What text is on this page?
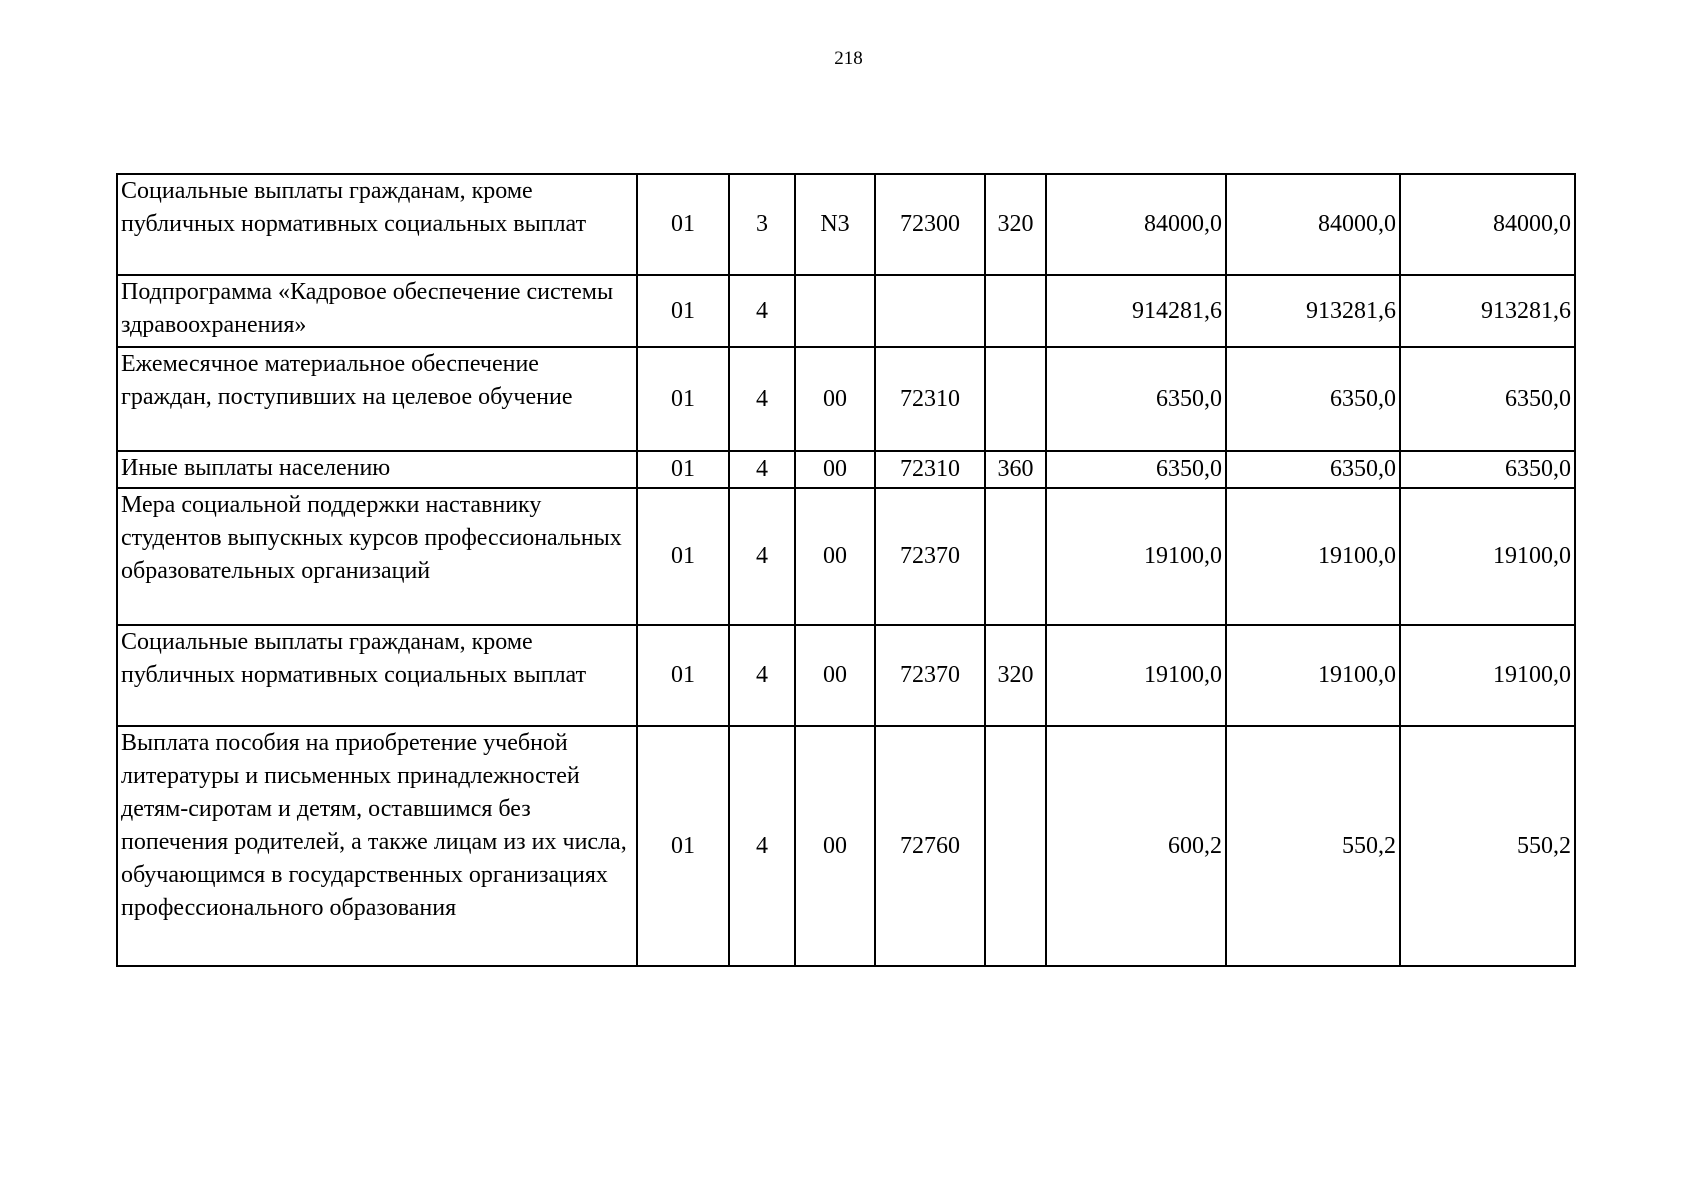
218
Социальные выплаты гражданам, кроме публичных нормативных социальных выплат	01	3	N3	72300	320	84000,0	84000,0	84000,0
Подпрограмма «Кадровое обеспечение системы здравоохранения»	01	4				914281,6	913281,6	913281,6
Ежемесячное материальное обеспечение граждан, поступивших на целевое обучение	01	4	00	72310		6350,0	6350,0	6350,0
Иные выплаты населению	01	4	00	72310	360	6350,0	6350,0	6350,0
Мера социальной поддержки наставнику студентов выпускных курсов профессиональных образовательных организаций	01	4	00	72370		19100,0	19100,0	19100,0
Социальные выплаты гражданам, кроме публичных нормативных социальных выплат	01	4	00	72370	320	19100,0	19100,0	19100,0
Выплата пособия на приобретение учебной литературы и письменных принадлежностей детям-сиротам и детям, оставшимся без попечения родителей, а также лицам из их числа, обучающимся в государственных организациях профессионального образования	01	4	00	72760		600,2	550,2	550,2
